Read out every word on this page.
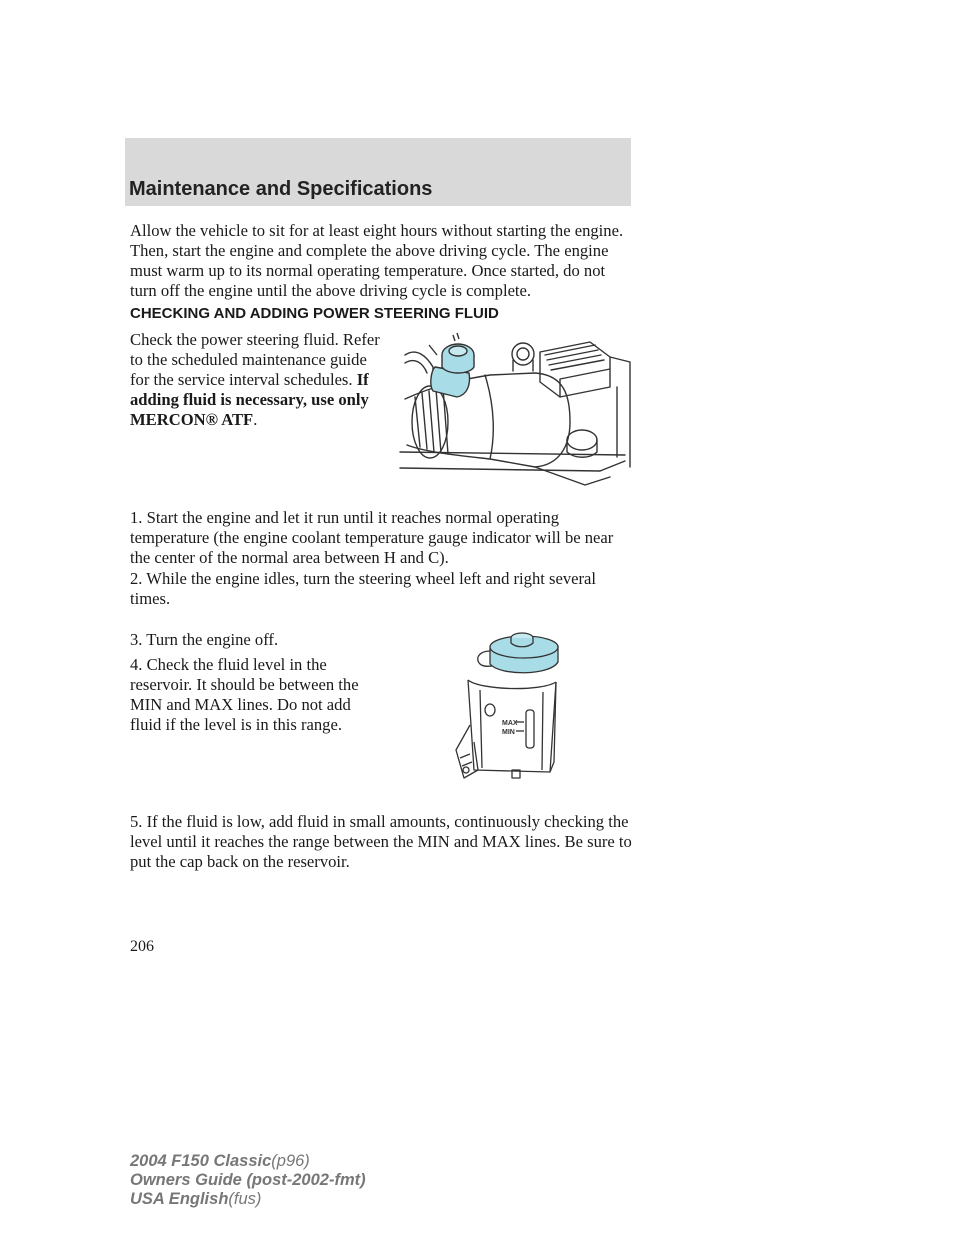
Maintenance and Specifications
Allow the vehicle to sit for at least eight hours without starting the engine. Then, start the engine and complete the above driving cycle. The engine must warm up to its normal operating temperature. Once started, do not turn off the engine until the above driving cycle is complete.
CHECKING AND ADDING POWER STEERING FLUID
Check the power steering fluid. Refer to the scheduled maintenance guide for the service interval schedules. If adding fluid is necessary, use only MERCON® ATF.
1. Start the engine and let it run until it reaches normal operating temperature (the engine coolant temperature gauge indicator will be near the center of the normal area between H and C).
2. While the engine idles, turn the steering wheel left and right several times.
3. Turn the engine off.
4. Check the fluid level in the reservoir. It should be between the MIN and MAX lines. Do not add fluid if the level is in this range.	MAX
MIN
5. If the fluid is low, add fluid in small amounts, continuously checking the level until it reaches the range between the MIN and MAX lines. Be sure to put the cap back on the reservoir.
206
2004 F150 Classic(p96)
Owners Guide (post-2002-fmt)
USA English(fus)
